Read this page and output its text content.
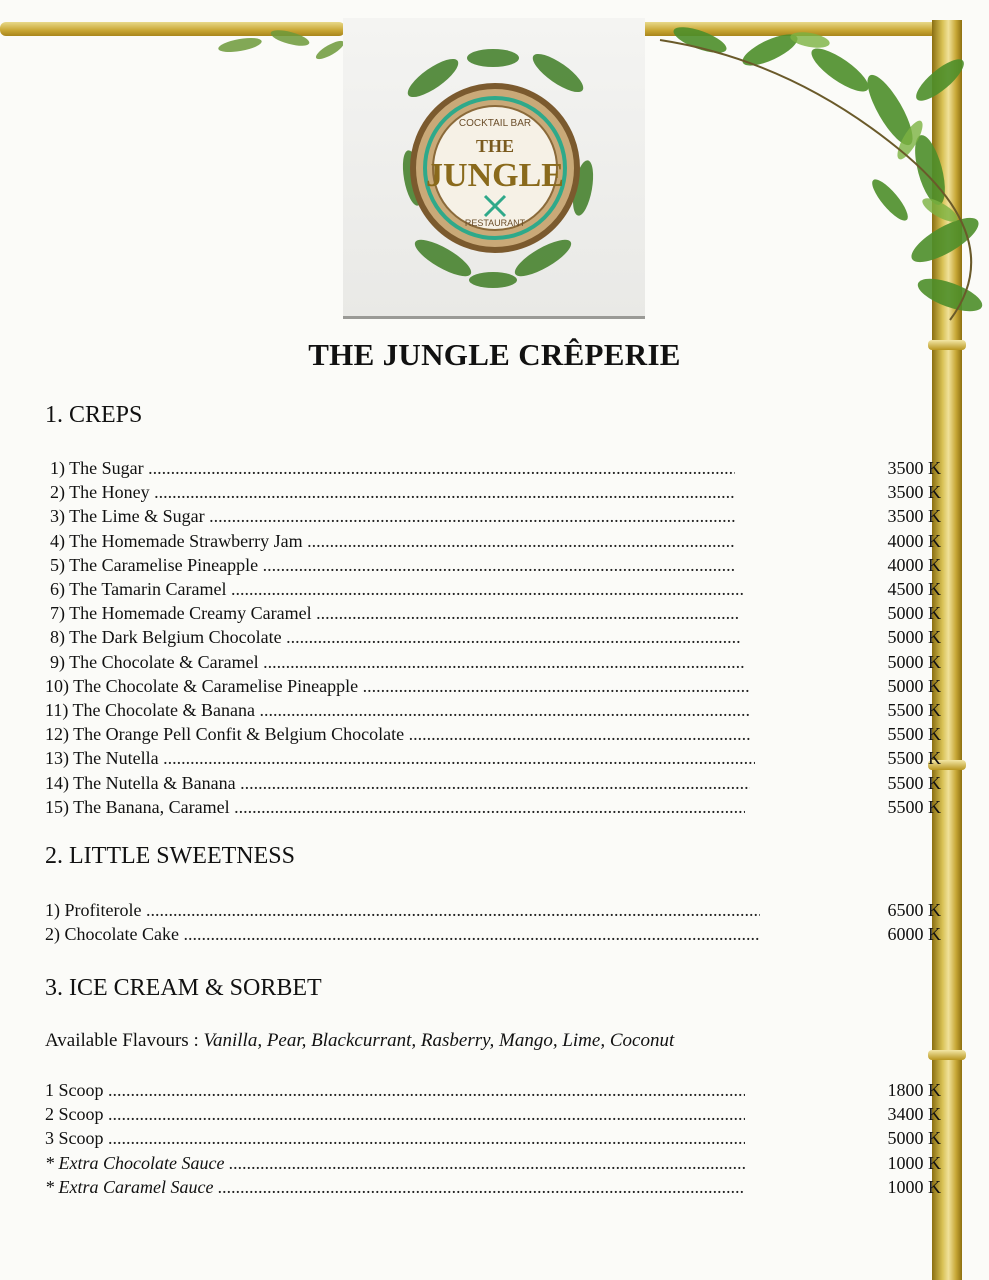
COCKTAIL BAR
THE
JUNGLE
RESTAURANT
THE JUNGLE CRÊPERIE
1. CREPS
1) The Sugar .....	3500 K
2) The Honey .....	3500 K
3) The Lime & Sugar .....	3500 K
4) The Homemade Strawberry Jam .....	4000 K
5) The Caramelise Pineapple .....	4000 K
6) The Tamarin Caramel .....	4500 K
7) The Homemade Creamy Caramel .....	5000 K
8) The Dark Belgium Chocolate .....	5000 K
9) The Chocolate & Caramel .....	5000 K
10) The Chocolate & Caramelise Pineapple .....	5000 K
11) The Chocolate & Banana .....	5500 K
12) The Orange Pell Confit & Belgium Chocolate .....	5500 K
13) The Nutella .....	5500 K
14) The Nutella & Banana .....	5500 K
15) The Banana, Caramel .....	5500 K
2. LITTLE SWEETNESS
1) Profiterole .....	6500 K
2) Chocolate Cake .....	6000 K
3. ICE CREAM & SORBET
1 Scoop .....	1800 K
2 Scoop .....	3400 K
3 Scoop .....	5000 K
* Extra Chocolate Sauce .....	1000 K
* Extra Caramel Sauce .....	1000 K
Available Flavours : Vanilla, Pear, Blackcurrant, Rasberry, Mango, Lime, Coconut
